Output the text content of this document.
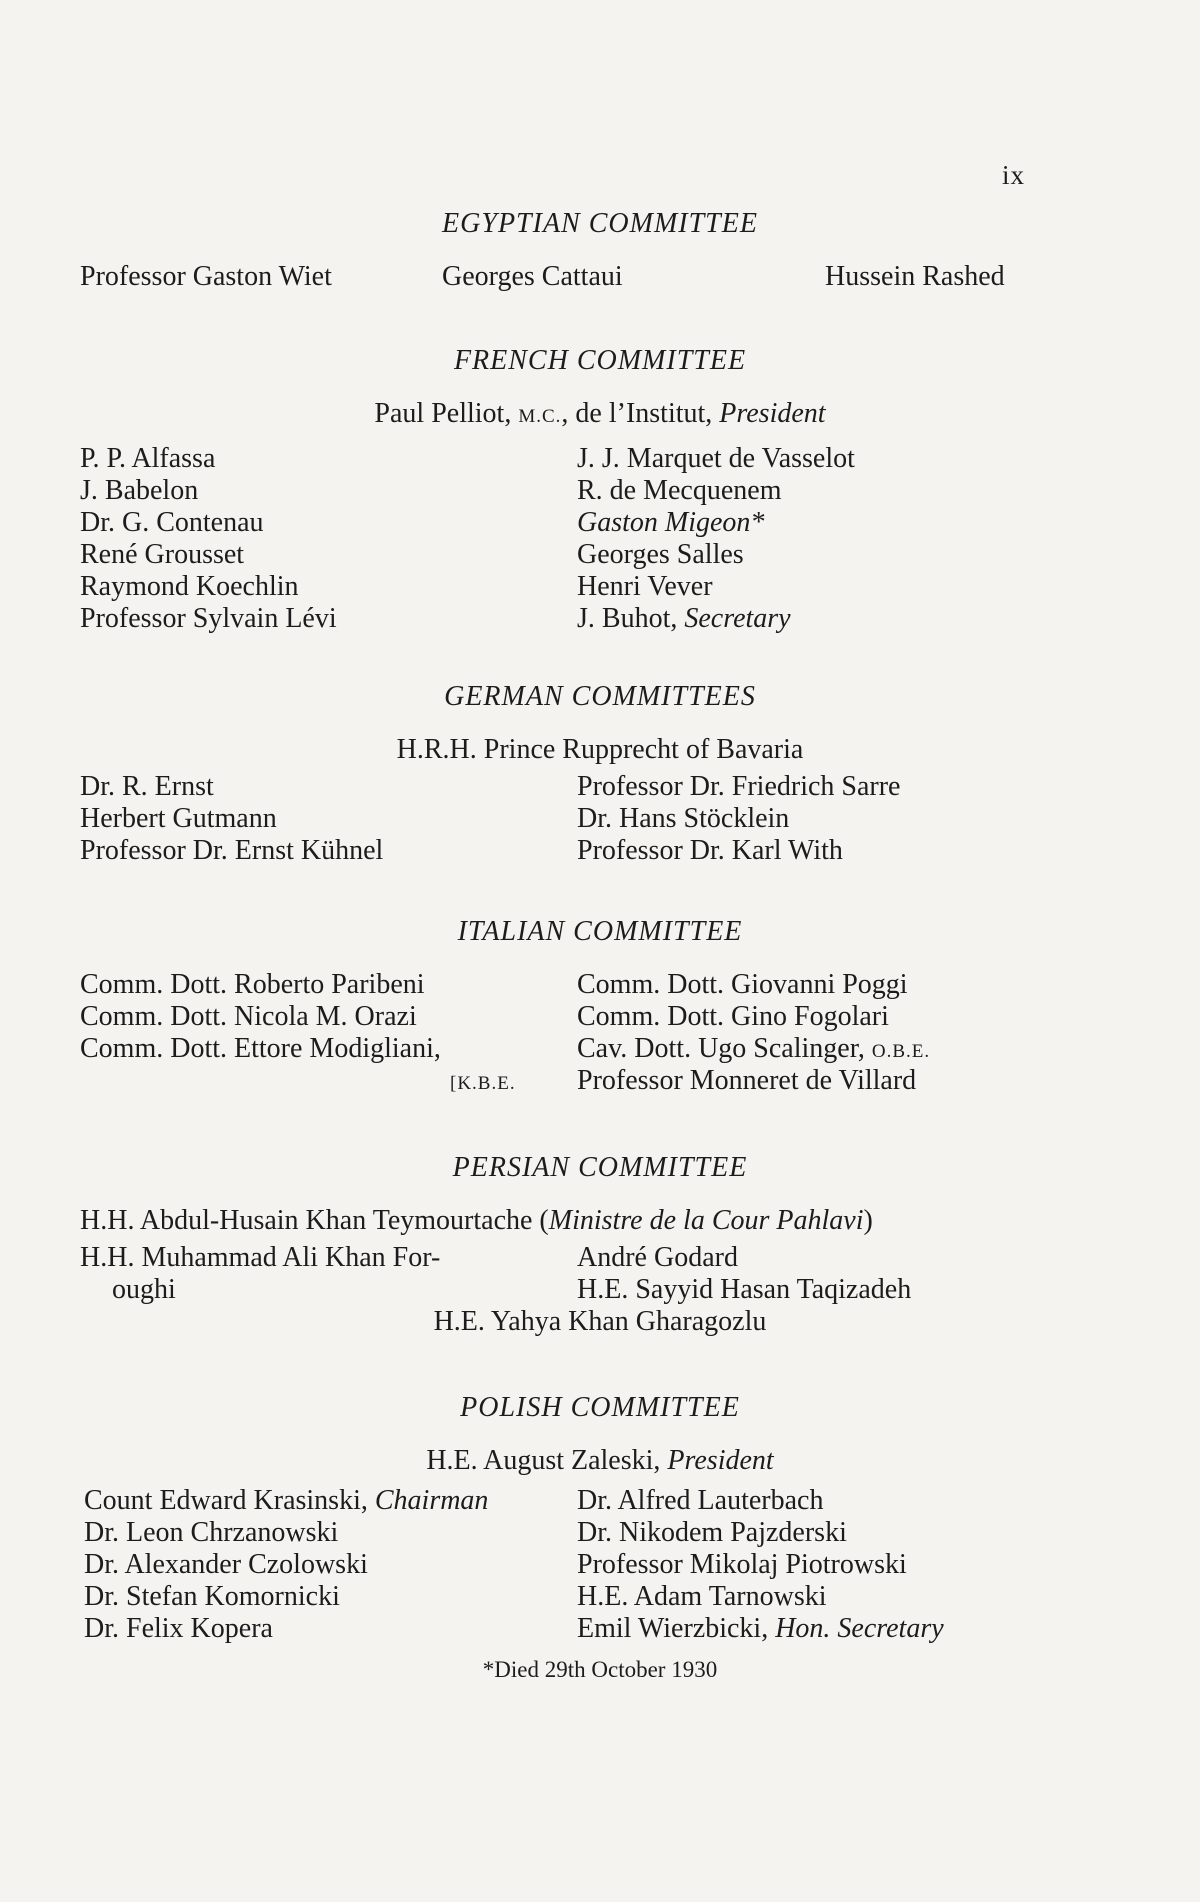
ix
EGYPTIAN COMMITTEE
Professor Gaston Wiet	Georges Cattaui	Hussein Rashed
FRENCH COMMITTEE
Paul Pelliot, M.C., de l’Institut, President
P. P. Alfassa
J. Babelon
Dr. G. Contenau
René Grousset
Raymond Koechlin
Professor Sylvain Lévi
J. J. Marquet de Vasselot
R. de Mecquenem
Gaston Migeon*
Georges Salles
Henri Vever
J. Buhot, Secretary
GERMAN COMMITTEES
H.R.H. Prince Rupprecht of Bavaria
Dr. R. Ernst
Herbert Gutmann
Professor Dr. Ernst Kühnel
Professor Dr. Friedrich Sarre
Dr. Hans Stöcklein
Professor Dr. Karl With
ITALIAN COMMITTEE
Comm. Dott. Roberto Paribeni
Comm. Dott. Nicola M. Orazi
Comm. Dott. Ettore Modigliani,
[K.B.E.
Comm. Dott. Giovanni Poggi
Comm. Dott. Gino Fogolari
Cav. Dott. Ugo Scalinger, O.B.E.
Professor Monneret de Villard
PERSIAN COMMITTEE
H.H. Abdul-Husain Khan Teymourtache (Ministre de la Cour Pahlavi)
H.H. Muhammad Ali Khan For-
oughi
André Godard
H.E. Sayyid Hasan Taqizadeh
H.E. Yahya Khan Gharagozlu
POLISH COMMITTEE
H.E. August Zaleski, President
Count Edward Krasinski, Chairman
Dr. Leon Chrzanowski
Dr. Alexander Czolowski
Dr. Stefan Komornicki
Dr. Felix Kopera
Dr. Alfred Lauterbach
Dr. Nikodem Pajzderski
Professor Mikolaj Piotrowski
H.E. Adam Tarnowski
Emil Wierzbicki, Hon. Secretary
*Died 29th October 1930
